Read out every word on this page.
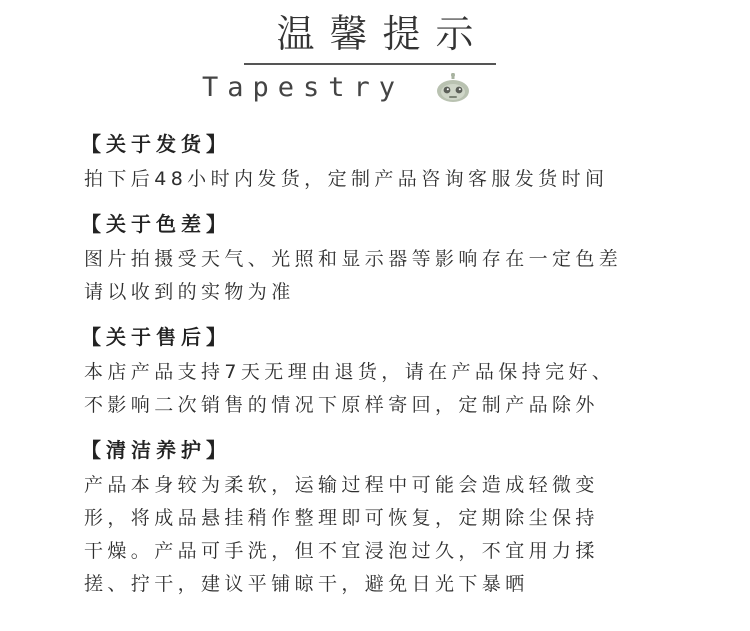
温馨提示
Tapestry
【关于发货】
拍下后48小时内发货，定制产品咨询客服发货时间
【关于色差】
图片拍摄受天气、光照和显示器等影响存在一定色差
请以收到的实物为准
【关于售后】
本店产品支持7天无理由退货，请在产品保持完好、
不影响二次销售的情况下原样寄回，定制产品除外
【清洁养护】
产品本身较为柔软，运输过程中可能会造成轻微变
形，将成品悬挂稍作整理即可恢复，定期除尘保持
干燥。产品可手洗，但不宜浸泡过久，不宜用力揉
搓、拧干，建议平铺晾干，避免日光下暴晒
